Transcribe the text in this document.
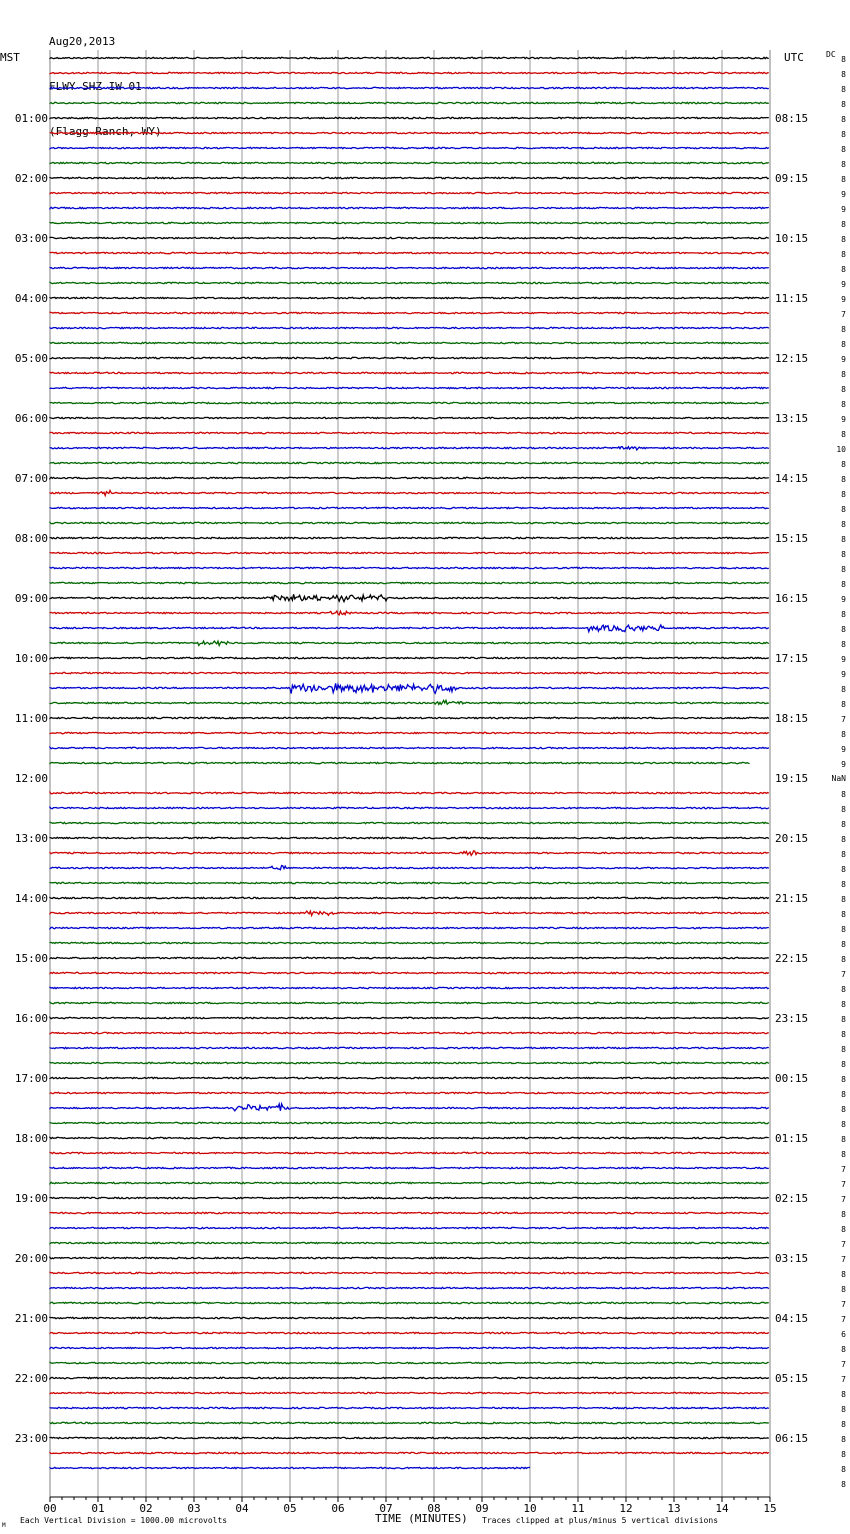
Aug20,2013

FLWY SHZ IW 01

(Flagg Ranch, WY)

MST	UTC	DC
TIME (MINUTES)
Each Vertical Division = 1000.00 microvolts	Traces clipped at plus/minus 5 vertical divisions
M
00	01	02	03	04	05	06	07	08	09	10	11	12	13	14	15
01:00	08:15
02:00	09:15
03:00	10:15
04:00	11:15
05:00	12:15
06:00	13:15
07:00	14:15
08:00	15:15
09:00	16:15
10:00	17:15
11:00	18:15
12:00	19:15
13:00	20:15
14:00	21:15
15:00	22:15
16:00	23:15
17:00	00:15
18:00	01:15
19:00	02:15
20:00	03:15
21:00	04:15
22:00	05:15
23:00	06:15
8
8
8
8
8
8
8
8
8
9
9
8
8
8
8
9
9
7
8
8
9
8
8
8
9
8
10
8
8
8
8
8
8
8
8
8
9
8
8
8
9
9
8
8
7
8
9
9
8
8
8
8
8
8
8
8
8
8
8
8
7
8
8
8
8
8
8
8
8
8
8
8
8
7
7
7
8
8
7
7
8
8
7
7
6
8
7
7
8
8
8
8
8
8
8
NaN
